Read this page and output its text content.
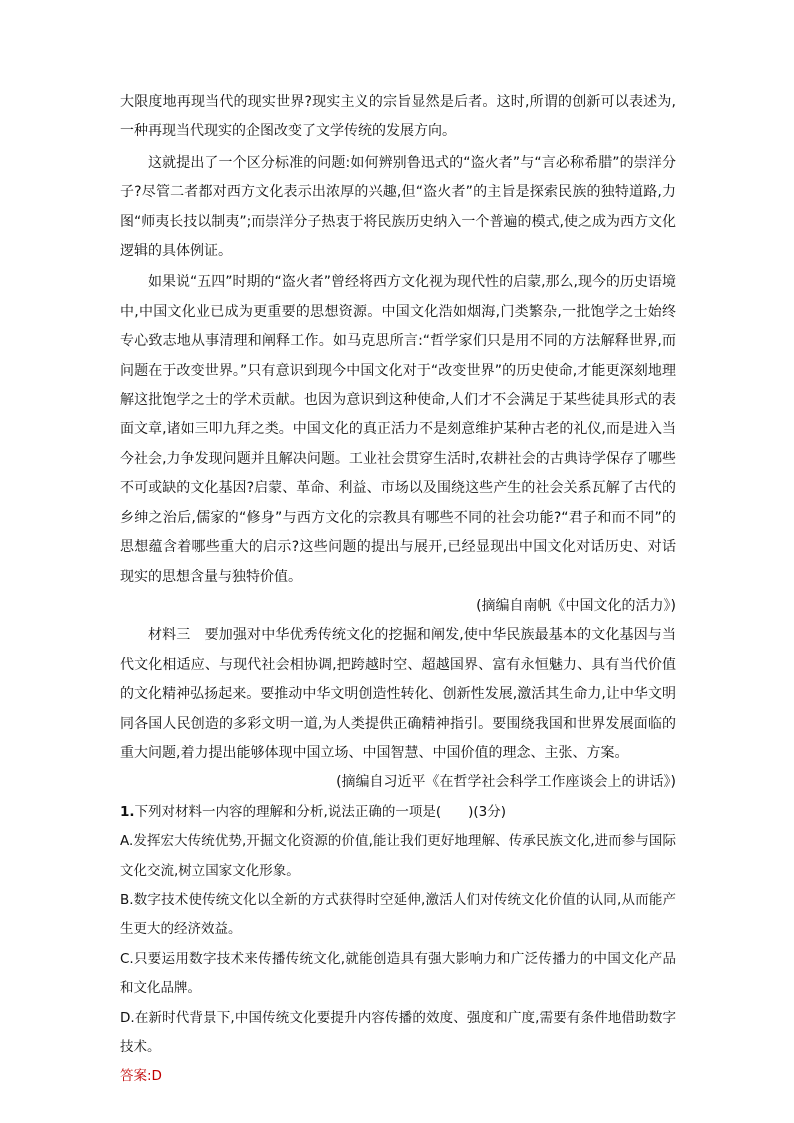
大限度地再现当代的现实世界?现实主义的宗旨显然是后者。这时,所谓的创新可以表述为,一种再现当代现实的企图改变了文学传统的发展方向。

这就提出了一个区分标准的问题:如何辨别鲁迅式的“盗火者”与“言必称希腊”的崇洋分子?尽管二者都对西方文化表示出浓厚的兴趣,但“盗火者”的主旨是探索民族的独特道路,力图“师夷长技以制夷”;而崇洋分子热衷于将民族历史纳入一个普遍的模式,使之成为西方文化逻辑的具体例证。

如果说“五四”时期的“盗火者”曾经将西方文化视为现代性的启蒙,那么,现今的历史语境中,中国文化业已成为更重要的思想资源。中国文化浩如烟海,门类繁杂,一批饱学之士始终专心致志地从事清理和阐释工作。如马克思所言:“哲学家们只是用不同的方法解释世界,而问题在于改变世界。”只有意识到现今中国文化对于“改变世界”的历史使命,才能更深刻地理解这批饱学之士的学术贡献。也因为意识到这种使命,人们才不会满足于某些徒具形式的表面文章,诸如三叩九拜之类。中国文化的真正活力不是刻意维护某种古老的礼仪,而是进入当今社会,力争发现问题并且解决问题。工业社会贯穿生活时,农耕社会的古典诗学保存了哪些不可或缺的文化基因?启蒙、革命、利益、市场以及围绕这些产生的社会关系瓦解了古代的乡绅之治后,儒家的“修身”与西方文化的宗教具有哪些不同的社会功能?“君子和而不同”的思想蕴含着哪些重大的启示?这些问题的提出与展开,已经显现出中国文化对话历史、对话现实的思想含量与独特价值。

(摘编自南帆《中国文化的活力》)

材料三　要加强对中华优秀传统文化的挖掘和阐发,使中华民族最基本的文化基因与当代文化相适应、与现代社会相协调,把跨越时空、超越国界、富有永恒魅力、具有当代价值的文化精神弘扬起来。要推动中华文明创造性转化、创新性发展,激活其生命力,让中华文明同各国人民创造的多彩文明一道,为人类提供正确精神指引。要围绕我国和世界发展面临的重大问题,着力提出能够体现中国立场、中国智慧、中国价值的理念、主张、方案。

(摘编自习近平《在哲学社会科学工作座谈会上的讲话》)

1.下列对材料一内容的理解和分析,说法正确的一项是(　　)(3分)

A.发挥宏大传统优势,开掘文化资源的价值,能让我们更好地理解、传承民族文化,进而参与国际文化交流,树立国家文化形象。

B.数字技术使传统文化以全新的方式获得时空延伸,激活人们对传统文化价值的认同,从而能产生更大的经济效益。

C.只要运用数字技术来传播传统文化,就能创造具有强大影响力和广泛传播力的中国文化产品和文化品牌。

D.在新时代背景下,中国传统文化要提升内容传播的效度、强度和广度,需要有条件地借助数字技术。

答案:D
